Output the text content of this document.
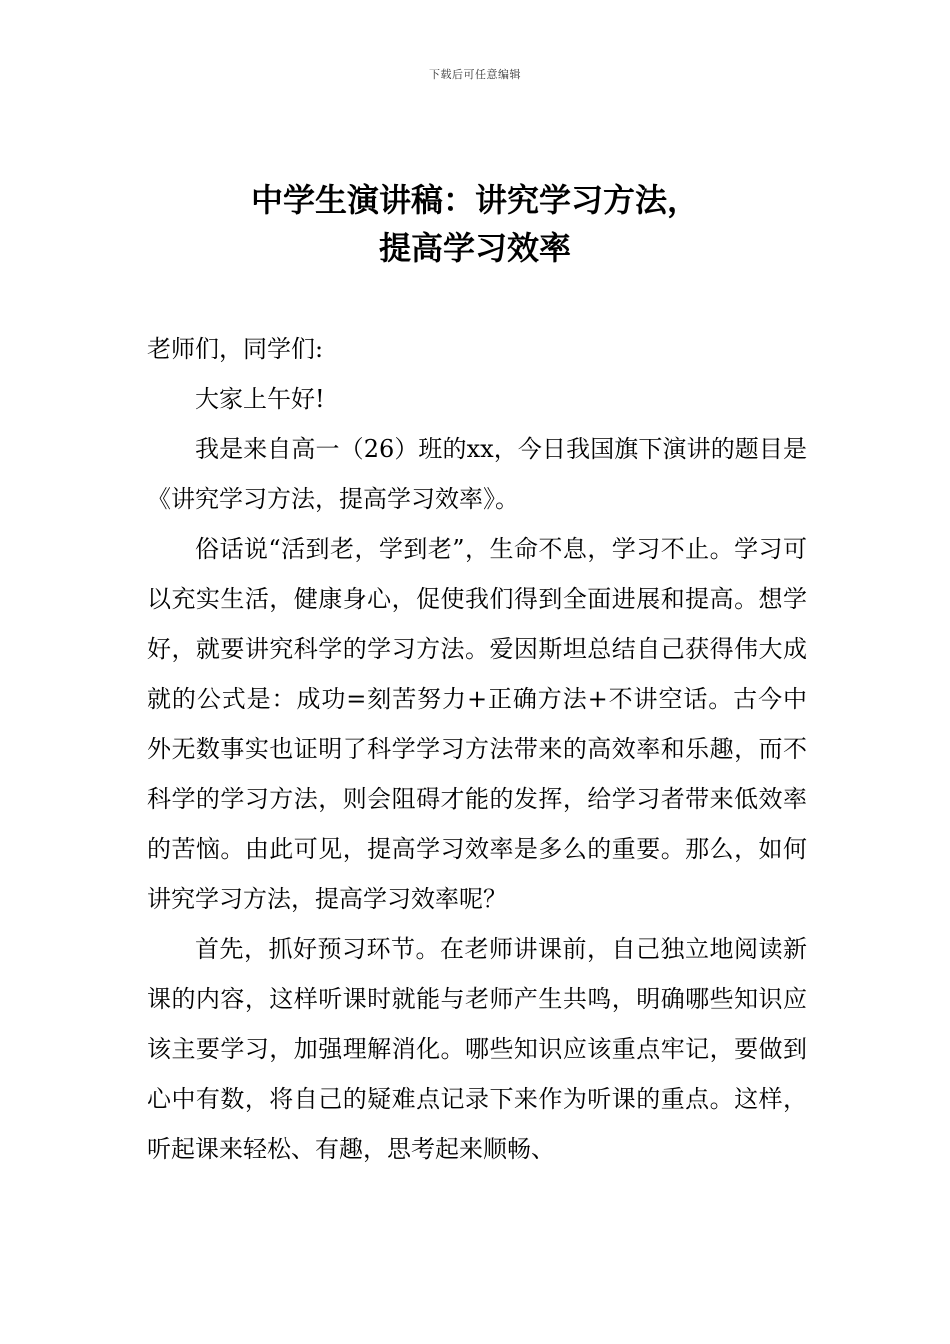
下载后可任意编辑
中学生演讲稿：讲究学习方法，
提高学习效率

老师们，同学们:

大家上午好!

我是来自高一（26）班的xx，今日我国旗下演讲的题目是《讲究学习方法，提高学习效率》。

俗话说“活到老，学到老”，生命不息，学习不止。学习可以充实生活，健康身心，促使我们得到全面进展和提高。想学好，就要讲究科学的学习方法。爱因斯坦总结自己获得伟大成就的公式是：成功=刻苦努力+正确方法+不讲空话。古今中外无数事实也证明了科学学习方法带来的高效率和乐趣，而不科学的学习方法，则会阻碍才能的发挥，给学习者带来低效率的苦恼。由此可见，提高学习效率是多么的重要。那么，如何讲究学习方法，提高学习效率呢？

首先，抓好预习环节。在老师讲课前，自己独立地阅读新课的内容，这样听课时就能与老师产生共鸣，明确哪些知识应该主要学习，加强理解消化。哪些知识应该重点牢记，要做到心中有数，将自己的疑难点记录下来作为听课的重点。这样，听起课来轻松、有趣，思考起来顺畅、
